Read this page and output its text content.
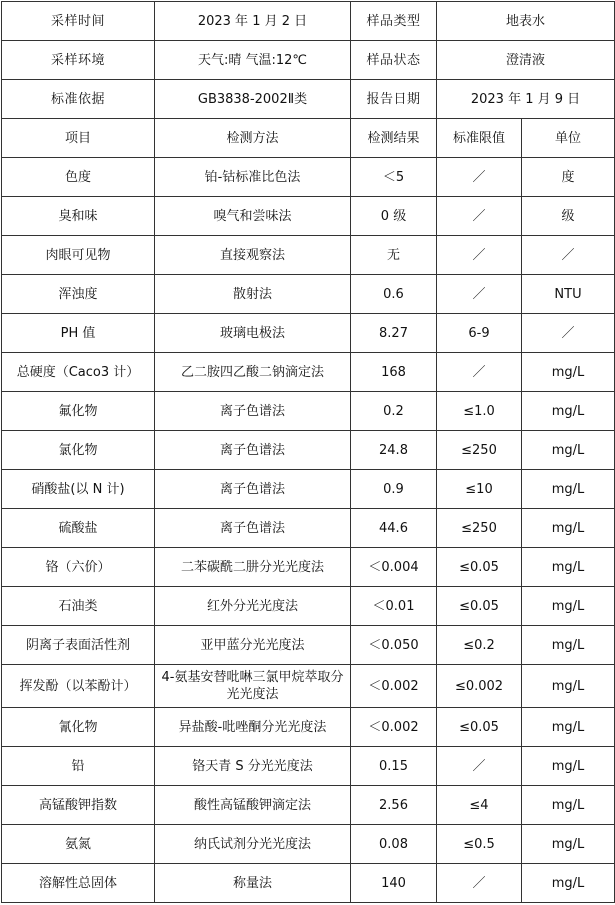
采样时间	2023 年 1 月 2 日	样品类型	地表水	
采样环境	天气:晴 气温:12℃	样品状态	澄清液	
标准依据	GB3838-2002Ⅱ类	报告日期	2023 年 1 月 9 日	
项目	检测方法	检测结果	标准限值	单位
色度	铂-钴标准比色法	＜5	／	度
臭和味	嗅气和尝味法	0 级	／	级
肉眼可见物	直接观察法	无	／	／
浑浊度	散射法	0.6	／	NTU
PH 值	玻璃电极法	8.27	6-9	／
总硬度（Caco3 计）	乙二胺四乙酸二钠滴定法	168	／	mg/L
氟化物	离子色谱法	0.2	≤1.0	mg/L
氯化物	离子色谱法	24.8	≤250	mg/L
硝酸盐(以 N 计)	离子色谱法	0.9	≤10	mg/L
硫酸盐	离子色谱法	44.6	≤250	mg/L
铬（六价）	二苯碳酰二肼分光光度法	＜0.004	≤0.05	mg/L
石油类	红外分光光度法	＜0.01	≤0.05	mg/L
阴离子表面活性剂	亚甲蓝分光光度法	＜0.050	≤0.2	mg/L
挥发酚（以苯酚计）	4-氨基安替吡啉三氯甲烷萃取分光光度法	＜0.002	≤0.002	mg/L
氰化物	异盐酸-吡唑酮分光光度法	＜0.002	≤0.05	mg/L
铅	铬天青 S 分光光度法	0.15	／	mg/L
高锰酸钾指数	酸性高锰酸钾滴定法	2.56	≤4	mg/L
氨氮	纳氏试剂分光光度法	0.08	≤0.5	mg/L
溶解性总固体	称量法	140	／	mg/L
